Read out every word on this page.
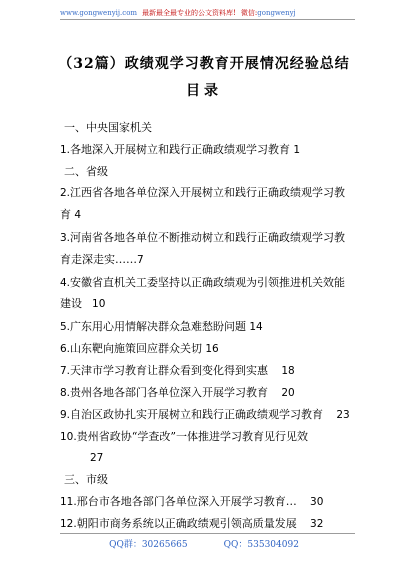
www.gongwenyij.com 最新最全最专业的公文资料库! 微信:gongwenyj
（32篇）政绩观学习教育开展情况经验总结
目录
一、中央国家机关
1.各地深入开展树立和践行正确政绩观学习教育 1
二、省级
2.江西省各地各单位深入开展树立和践行正确政绩观学习教
育 4
3.河南省各地各单位不断推动树立和践行正确政绩观学习教
育走深走实……7
4.安徽省直机关工委坚持以正确政绩观为引领推进机关效能
建设   10
5.广东用心用情解决群众急难愁盼问题 14
6.山东靶向施策回应群众关切 16
7.天津市学习教育让群众看到变化得到实惠    18
8.贵州各地各部门各单位深入开展学习教育    20
9.自治区政协扎实开展树立和践行正确政绩观学习教育    23
10.贵州省政协“学查改”一体推进学习教育见行见效
27
三、市级
11.邢台市各地各部门各单位深入开展学习教育…    30
12.朝阳市商务系统以正确政绩观引领高质量发展    32
QQ群：30265665	QQ：535304092
